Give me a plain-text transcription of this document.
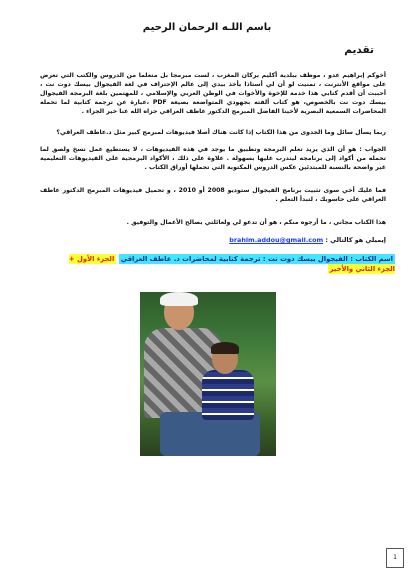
باسم اللـه الرحمان الرحيم
تقديم

أخوكم إبراهيم عدو ، موظف ببلدية أكليم بركان المغرب ، لست مبرمجا بل متعلما من الدروس والكتب التي تعرض على مواقع الأنترنت ، تمنيت لو أن لي أستاذا يأخذ بيدي إلى عالم الإحتراف في لغة الفيجوال بيسك دوت نت ، أحببت أن أقدم كتابي هذا خدمة للإخوة والأخوات في الوطن العربي والإسلامي ، للمهتمين بلغة البرمجة الفيجوال بيسك دوت نت بالخصوص، هو كتاب ألفته بجهودي المتواضعة بصيغة PDF ،عبارة عن ترجمة كتابية لما تحمله المحاضرات السمعية البصرية لأخينا الفاضل المبرمج الدكتور عاطف العراقي جزاه الله عنا خير الجزاء .

ربما يسأل سائل وما الجدوى من هذا الكتاب إذا كانت هناك أصلا فيديوهات لمبرمج كبير مثل د.عاطف العراقي؟

الجواب : هو أن الذي يريد تعلم البرمجة وتطبيق ما يوجد في هذه الفيديوهات ، لا يستطيع عمل نسخ ولصق لما تحمله من أكواد إلى برنامجه ليتدرب عليها بسهولة . علاوة على ذلك ، الأكواد البرمجية على الفيديوهات التعليمية غير واضحة بالنسبة للمبتدئين عكس الدروس المكتوبة التي تحملها أوراق الكتاب .

فما عليك أخي سوى تثبيت برنامج الفيجوال ستوديو 2008 أو 2010 ، و تحميل فيديوهات المبرمج الدكتور عاطف العراقي على حاسوبك ، لتبدأ التعلم .

هذا الكتاب مجاني ، ما أرجوه منكم ، هو أن تدعو لي ولعائلتي بصالح الأعمال والتوفيق .

إيميلي هو كالتالي : brahim.addou@gmail.com
اسم الكتاب : الفيجوال بيسك دوت نت : ترجمة كتابية لمحاضرات د. عاطف العراقي الجزء الأول + الجزء الثاني والأخير
1
